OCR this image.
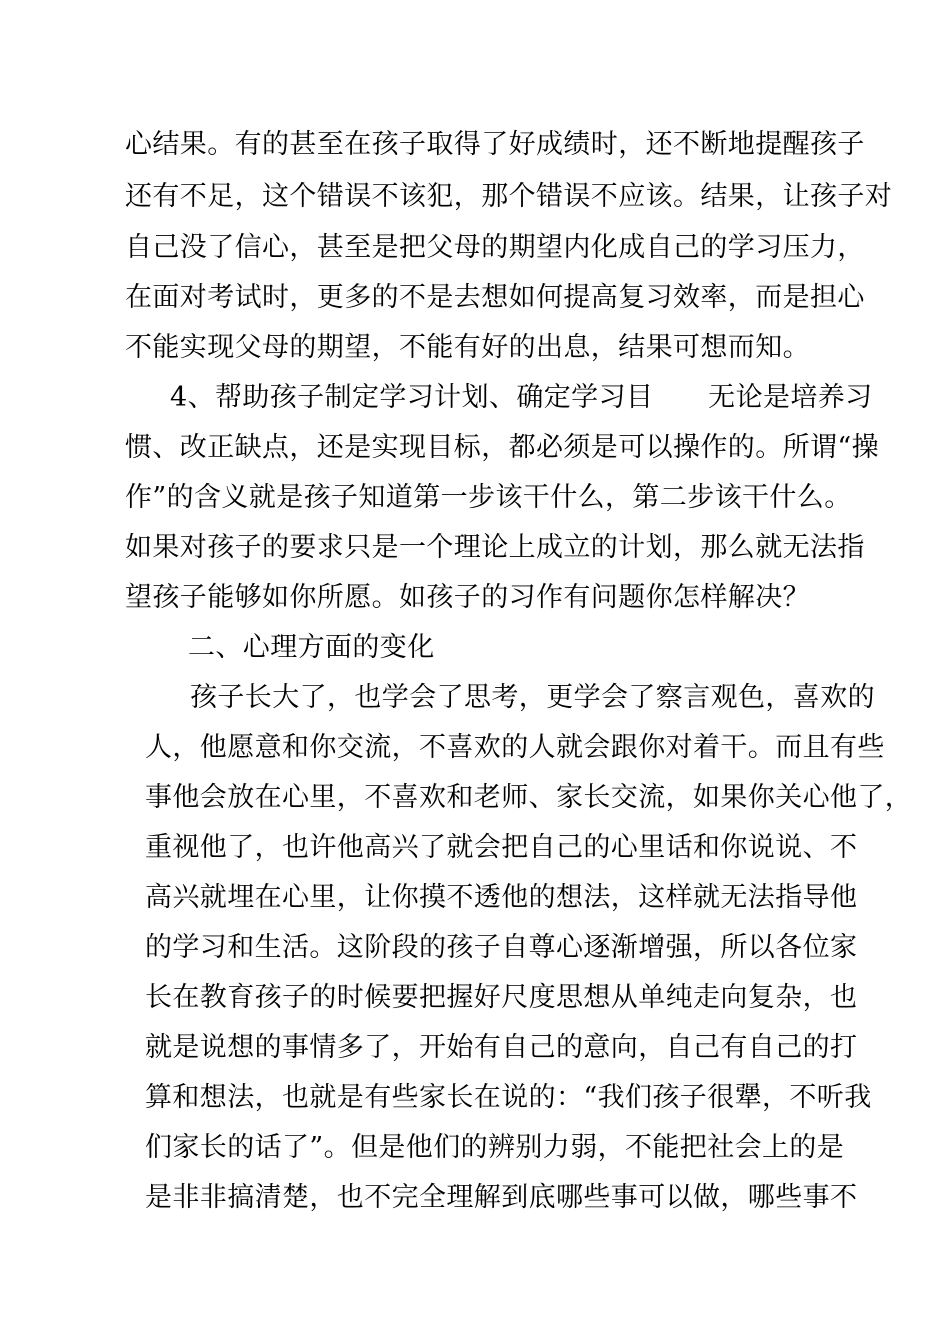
心结果。有的甚至在孩子取得了好成绩时，还不断地提醒孩子
还有不足，这个错误不该犯，那个错误不应该。结果，让孩子对
自己没了信心，甚至是把父母的期望内化成自己的学习压力，
在面对考试时，更多的不是去想如何提高复习效率，而是担心
不能实现父母的期望，不能有好的出息，结果可想而知。
4、帮助孩子制定学习计划、确定学习目　　无论是培养习
惯、改正缺点，还是实现目标，都必须是可以操作的。所谓“操
作”的含义就是孩子知道第一步该干什么，第二步该干什么。
如果对孩子的要求只是一个理论上成立的计划，那么就无法指
望孩子能够如你所愿。如孩子的习作有问题你怎样解决？
二、心理方面的变化
孩子长大了，也学会了思考，更学会了察言观色，喜欢的
人，他愿意和你交流，不喜欢的人就会跟你对着干。而且有些
事他会放在心里，不喜欢和老师、家长交流，如果你关心他了，
重视他了，也许他高兴了就会把自己的心里话和你说说、不
高兴就埋在心里，让你摸不透他的想法，这样就无法指导他
的学习和生活。这阶段的孩子自尊心逐渐增强，所以各位家
长在教育孩子的时候要把握好尺度思想从单纯走向复杂，也
就是说想的事情多了，开始有自己的意向，自己有自己的打
算和想法，也就是有些家长在说的：“我们孩子很犟，不听我
们家长的话了”。但是他们的辨别力弱，不能把社会上的是
是非非搞清楚，也不完全理解到底哪些事可以做，哪些事不
